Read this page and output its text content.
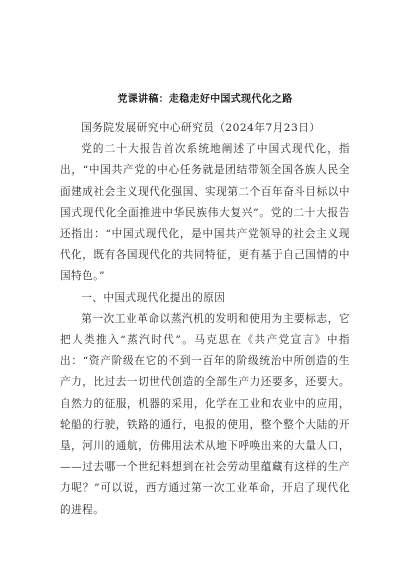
党课讲稿：走稳走好中国式现代化之路

国务院发展研究中心研究员（2024年7月23日）

党的二十大报告首次系统地阐述了中国式现代化，指出，“中国共产党的中心任务就是团结带领全国各族人民全面建成社会主义现代化强国、实现第二个百年奋斗目标以中国式现代化全面推进中华民族伟大复兴”。党的二十大报告还指出：“中国式现代化，是中国共产党领导的社会主义现代化，既有各国现代化的共同特征，更有基于自己国情的中国特色。”

一、中国式现代化提出的原因

第一次工业革命以蒸汽机的发明和使用为主要标志，它把人类推入“蒸汽时代”。马克思在《共产党宣言》中指出：“资产阶级在它的不到一百年的阶级统治中所创造的生产力，比过去一切世代创造的全部生产力还要多，还要大。自然力的征服，机器的采用，化学在工业和农业中的应用，轮船的行驶，铁路的通行，电报的使用，整个整个大陆的开垦，河川的通航，仿佛用法术从地下呼唤出来的大量人口，——过去哪一个世纪料想到在社会劳动里蕴藏有这样的生产力呢？”可以说，西方通过第一次工业革命，开启了现代化的进程。
